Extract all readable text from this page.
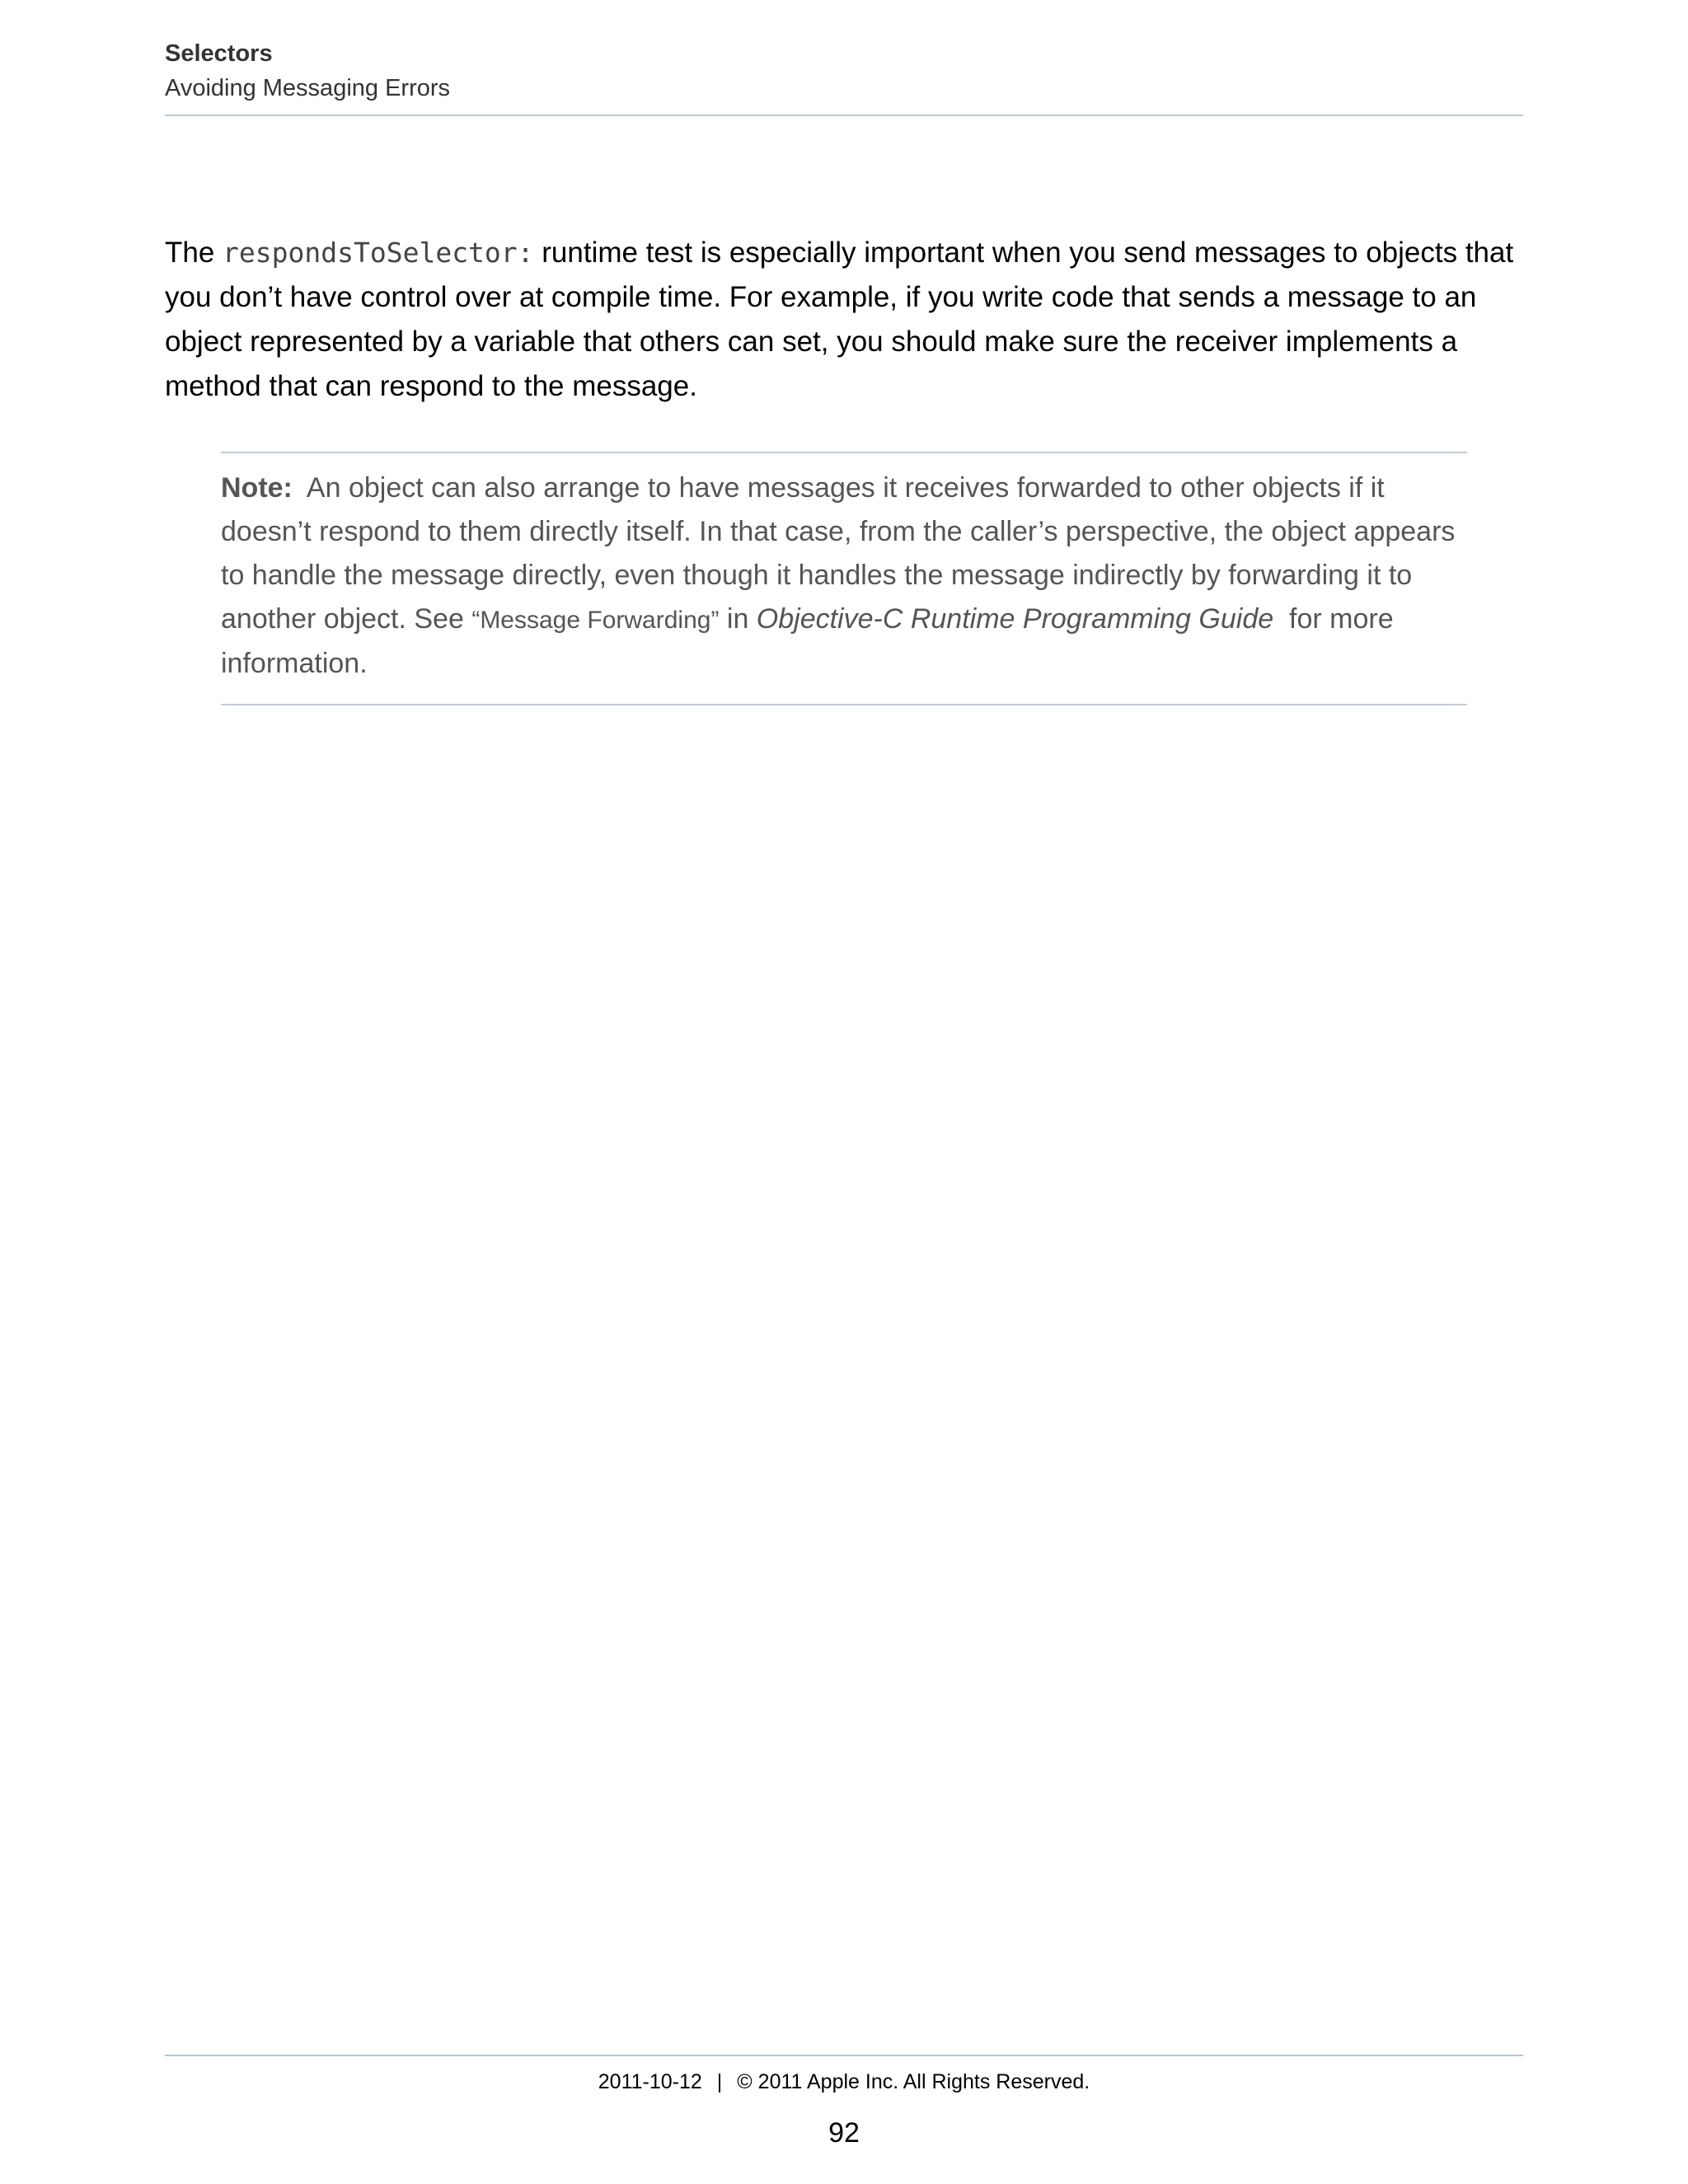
Selectors
Avoiding Messaging Errors

The respondsToSelector: runtime test is especially important when you send messages to objects that you don’t have control over at compile time. For example, if you write code that sends a message to an object represented by a variable that others can set, you should make sure the receiver implements a method that can respond to the message.

Note:  An object can also arrange to have messages it receives forwarded to other objects if it doesn’t respond to them directly itself. In that case, from the caller’s perspective, the object appears to handle the message directly, even though it handles the message indirectly by forwarding it to another object. See “Message Forwarding” in Objective-C Runtime Programming Guide  for more information.

2011-10-12 | © 2011 Apple Inc. All Rights Reserved.
92
